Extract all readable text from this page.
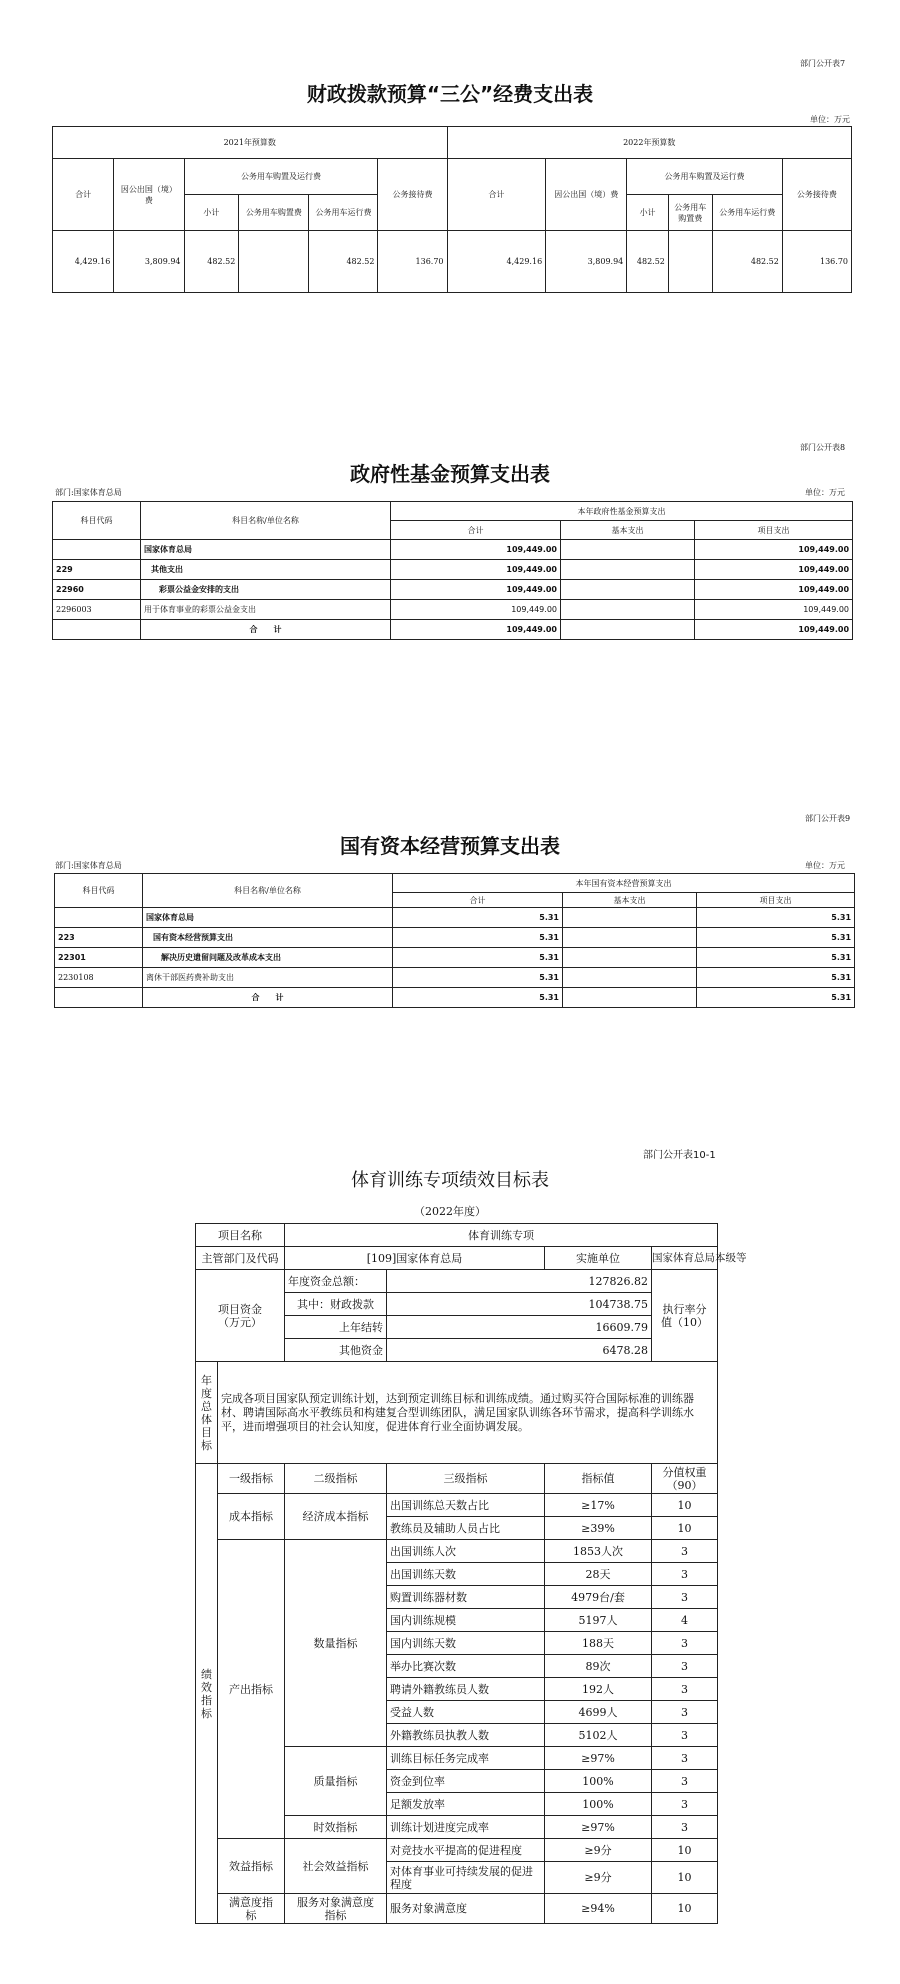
部门公开表7
财政拨款预算“三公”经费支出表
单位：万元
2021年预算数						2022年预算数					
合计	因公出国（境）费	公务用车购置及运行费			公务接待费	合计	因公出国（境）费	公务用车购置及运行费			公务接待费
		小计	公务用车购置费	公务用车运行费				小计	公务用车购置费	公务用车运行费	
4,429.16	3,809.94	482.52		482.52	136.70	4,429.16	3,809.94	482.52		482.52	136.70
部门公开表8
政府性基金预算支出表
部门:国家体育总局	单位：万元
科目代码	科目名称/单位名称	本年政府性基金预算支出		
		合计	基本支出	项目支出
	国家体育总局	109,449.00		109,449.00
229	其他支出	109,449.00		109,449.00
22960	彩票公益金安排的支出	109,449.00		109,449.00
2296003	用于体育事业的彩票公益金支出	109,449.00		109,449.00
	合　　计	109,449.00		109,449.00
部门公开表9
国有资本经营预算支出表
部门:国家体育总局	单位：万元
科目代码	科目名称/单位名称	本年国有资本经营预算支出		
		合计	基本支出	项目支出
	国家体育总局	5.31		5.31
223	国有资本经营预算支出	5.31		5.31
22301	解决历史遗留问题及改革成本支出	5.31		5.31
2230108	离休干部医药费补助支出	5.31		5.31
	合　　计	5.31		5.31
部门公开表10-1
体育训练专项绩效目标表
（2022年度）
项目名称		体育训练专项			
主管部门及代码		[109]国家体育总局		实施单位	国家体育总局本级等
项目资金（万元）		年度资金总额：	127826.82		执行率分值（10）
		其中：财政拨款	104738.75		
		上年结转	16609.79		
		其他资金	6478.28		
年度总体目标	完成各项目国家队预定训练计划，达到预定训练目标和训练成绩。通过购买符合国际标准的训练器材、聘请国际高水平教练员和构建复合型训练团队，满足国家队训练各环节需求，提高科学训练水平，进而增强项目的社会认知度，促进体育行业全面协调发展。				
绩效指标	一级指标	二级指标	三级指标	指标值	分值权重（90）
	成本指标	经济成本指标	出国训练总天数占比	≥17%	10
			教练员及辅助人员占比	≥39%	10
	产出指标	数量指标	出国训练人次	1853人次	3
			出国训练天数	28天	3
			购置训练器材数	4979台/套	3
			国内训练规模	5197人	4
			国内训练天数	188天	3
			举办比赛次数	89次	3
			聘请外籍教练员人数	192人	3
			受益人数	4699人	3
			外籍教练员执教人数	5102人	3
		质量指标	训练目标任务完成率	≥97%	3
			资金到位率	100%	3
			足额发放率	100%	3
		时效指标	训练计划进度完成率	≥97%	3
	效益指标	社会效益指标	对竞技水平提高的促进程度	≥9分	10
			对体育事业可持续发展的促进程度	≥9分	10
	满意度指标	服务对象满意度指标	服务对象满意度	≥94%	10
